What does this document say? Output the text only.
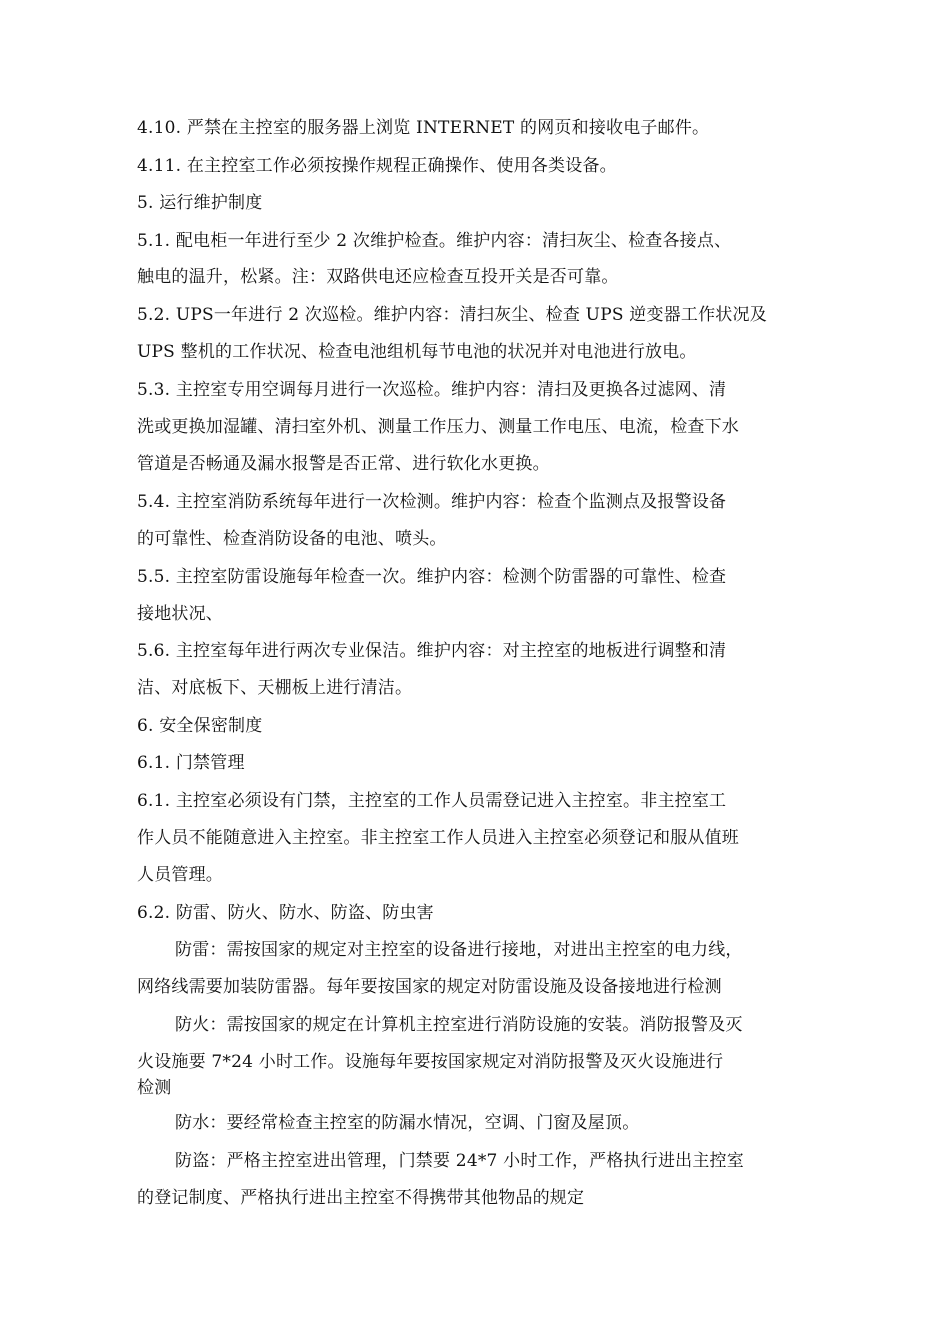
4.10. 严禁在主控室的服务器上浏览 INTERNET 的网页和接收电子邮件。
4.11. 在主控室工作必须按操作规程正确操作、使用各类设备。
5. 运行维护制度
5.1. 配电柜一年进行至少 2 次维护检查。维护内容：清扫灰尘、检查各接点、
触电的温升，松紧。注：双路供电还应检查互投开关是否可靠。
5.2. UPS一年进行 2 次巡检。维护内容：清扫灰尘、检查 UPS 逆变器工作状况及
UPS 整机的工作状况、检查电池组机每节电池的状况并对电池进行放电。
5.3. 主控室专用空调每月进行一次巡检。维护内容：清扫及更换各过滤网、清
洗或更换加湿罐、清扫室外机、测量工作压力、测量工作电压、电流，检查下水
管道是否畅通及漏水报警是否正常、进行软化水更换。
5.4. 主控室消防系统每年进行一次检测。维护内容：检查个监测点及报警设备
的可靠性、检查消防设备的电池、喷头。
5.5. 主控室防雷设施每年检查一次。维护内容：检测个防雷器的可靠性、检查
接地状况、
5.6. 主控室每年进行两次专业保洁。维护内容：对主控室的地板进行调整和清
洁、对底板下、天棚板上进行清洁。
6. 安全保密制度
6.1. 门禁管理
6.1. 主控室必须设有门禁，主控室的工作人员需登记进入主控室。非主控室工
作人员不能随意进入主控室。非主控室工作人员进入主控室必须登记和服从值班
人员管理。
6.2. 防雷、防火、防水、防盗、防虫害
防雷：需按国家的规定对主控室的设备进行接地，对进出主控室的电力线，
网络线需要加装防雷器。每年要按国家的规定对防雷设施及设备接地进行检测
防火：需按国家的规定在计算机主控室进行消防设施的安装。消防报警及灭
火设施要 7*24 小时工作。设施每年要按国家规定对消防报警及灭火设施进行
检测
防水：要经常检查主控室的防漏水情况，空调、门窗及屋顶。
防盗：严格主控室进出管理，门禁要 24*7 小时工作，严格执行进出主控室
的登记制度、严格执行进出主控室不得携带其他物品的规定
